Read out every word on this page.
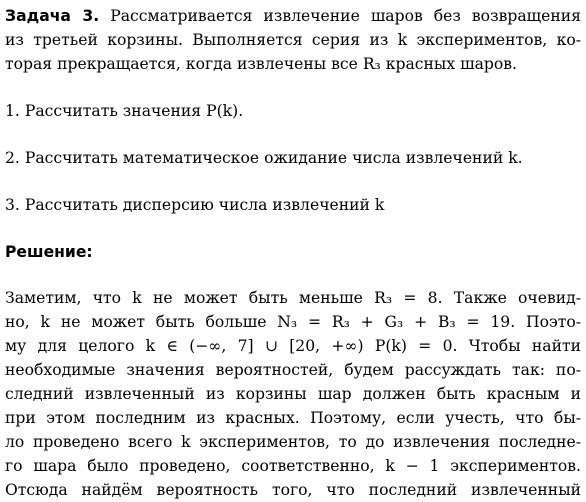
Задача 3. Рассматривается извлечение шаров без возвращения
из третьей корзины. Выполняется серия из k экспериментов, ко-
торая прекращается, когда извлечены все R₃ красных шаров.

1. Рассчитать значения P(k).

2. Рассчитать математическое ожидание числа извлечений k.

3. Рассчитать дисперсию числа извлечений k

Решение:

Заметим, что k не может быть меньше R₃ = 8. Также очевид-
но, k не может быть больше N₃ = R₃ + G₃ + B₃ = 19. Поэто-
му для целого k ∈ (−∞, 7] ∪ [20, +∞) P(k) = 0. Чтобы найти
необходимые значения вероятностей, будем рассуждать так: по-
следний извлеченный из корзины шар должен быть красным и
при этом последним из красных. Поэтому, если учесть, что бы-
ло проведено всего k экспериментов, то до извлечения последне-
го шара было проведено, соответственно, k − 1 экспериментов.
Отсюда найдём вероятность того, что последний извлеченный
